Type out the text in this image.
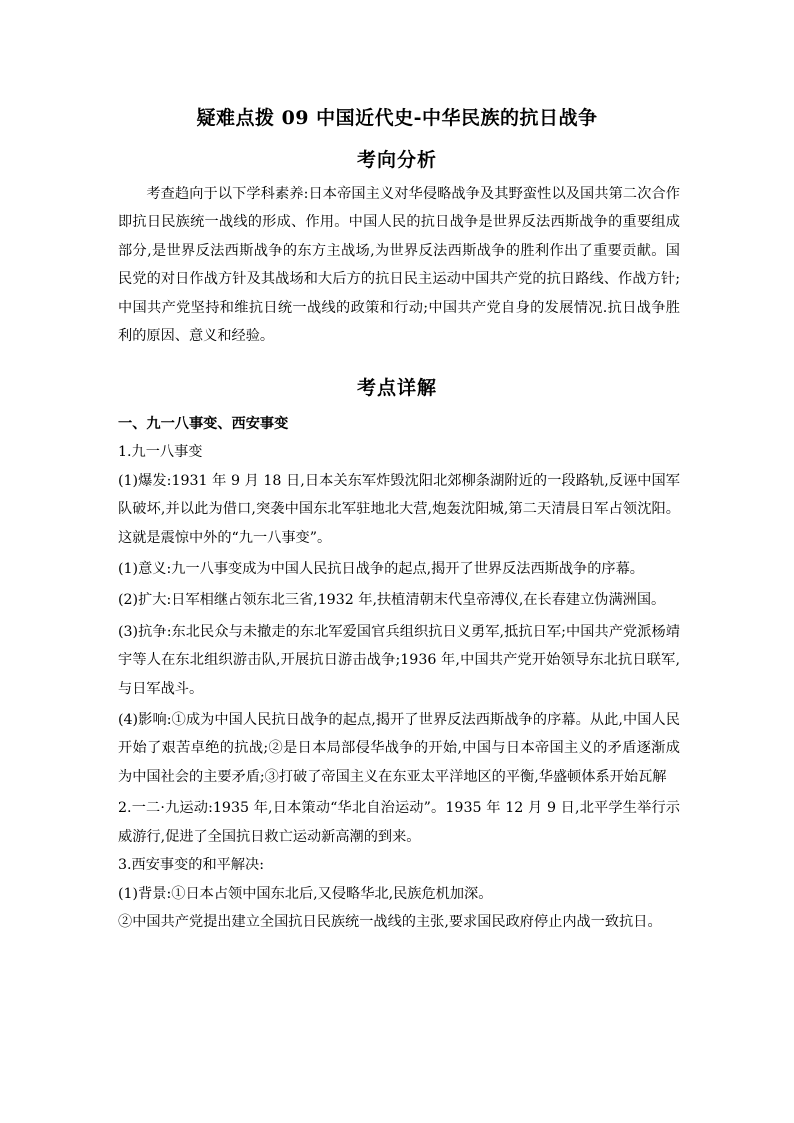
疑难点拨 09 中国近代史-中华民族的抗日战争
考向分析
考查趋向于以下学科素养:日本帝国主义对华侵略战争及其野蛮性以及国共第二次合作即抗日民族统一战线的形成、作用。中国人民的抗日战争是世界反法西斯战争的重要组成部分,是世界反法西斯战争的东方主战场,为世界反法西斯战争的胜利作出了重要贡献。国民党的对日作战方针及其战场和大后方的抗日民主运动中国共产党的抗日路线、作战方针;中国共产党坚持和维抗日统一战线的政策和行动;中国共产党自身的发展情况.抗日战争胜利的原因、意义和经验。
考点详解

一、九一八事变、西安事变

1.九一八事变

(1)爆发:1931 年 9 月 18 日,日本关东军炸毁沈阳北郊柳条湖附近的一段路轨,反诬中国军队破坏,并以此为借口,突袭中国东北军驻地北大营,炮轰沈阳城,第二天清晨日军占领沈阳。这就是震惊中外的“九一八事变”。

(1)意义:九一八事变成为中国人民抗日战争的起点,揭开了世界反法西斯战争的序幕。

(2)扩大:日军相继占领东北三省,1932 年,扶植清朝末代皇帝溥仪,在长春建立伪满洲国。

(3)抗争:东北民众与未撤走的东北军爱国官兵组织抗日义勇军,抵抗日军;中国共产党派杨靖宇等人在东北组织游击队,开展抗日游击战争;1936 年,中国共产党开始领导东北抗日联军,与日军战斗。

(4)影响:①成为中国人民抗日战争的起点,揭开了世界反法西斯战争的序幕。从此,中国人民开始了艰苦卓绝的抗战;②是日本局部侵华战争的开始,中国与日本帝国主义的矛盾逐渐成为中国社会的主要矛盾;③打破了帝国主义在东亚太平洋地区的平衡,华盛顿体系开始瓦解

2.一二·九运动:1935 年,日本策动“华北自治运动”。1935 年 12 月 9 日,北平学生举行示威游行,促进了全国抗日救亡运动新高潮的到来。

3.西安事变的和平解决:

(1)背景:①日本占领中国东北后,又侵略华北,民族危机加深。

②中国共产党提出建立全国抗日民族统一战线的主张,要求国民政府停止内战一致抗日。
